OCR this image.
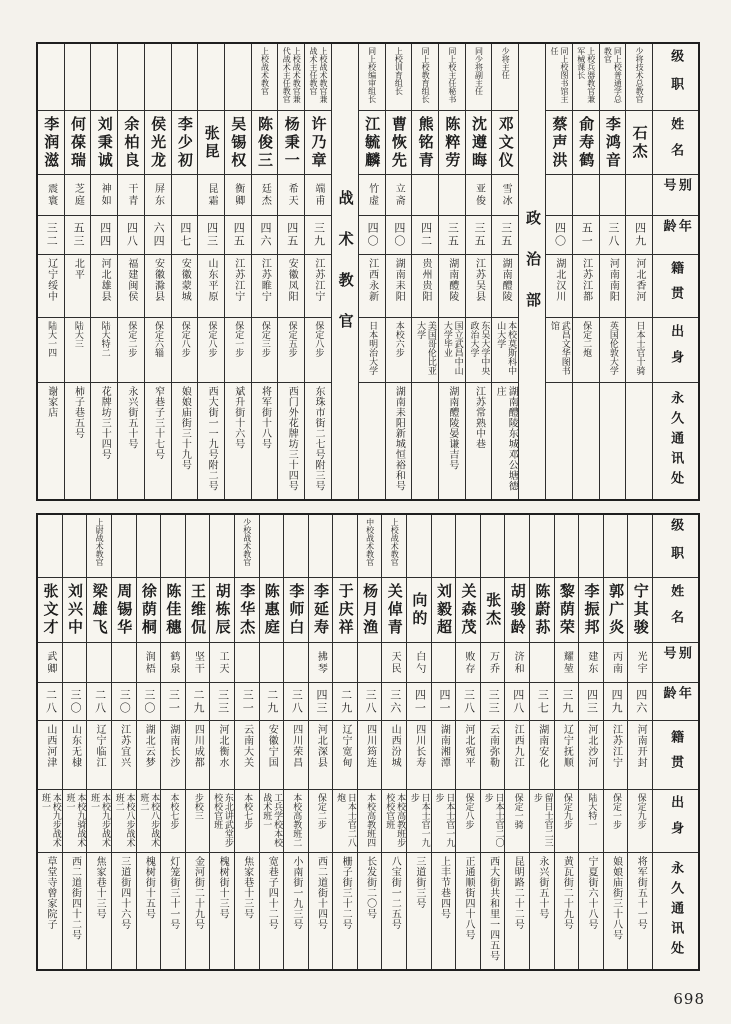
级职
姓名
别号
年龄
籍贯
出身
永久通讯处
少将技术总教官
石杰
四九
河北香河
日本士官十骑
同上校普通学总教官
李鸿音
三八
河南南阳
英国伦敦大学
上校兵器教官兼军械课长
俞寿鹤
五一
江苏江都
保定二炮
同上校图书馆主任
蔡声洪
四〇
湖北汉川
武昌文华图书馆
政治部
少将主任
邓文仪
雪冰
三五
湖南醴陵
本校莫斯科中山大学
湖南醴陵东城邓公塘德庄
同少将副主任
沈遵晦
亚俊
三五
江苏吴县
东吴大学中央政治大学
江苏常熟中巷
同上校主任秘书
陈粹劳
三五
湖南醴陵
国立武昌中山大学毕业
湖南醴陵晏谦吉号
同上校教育组长
熊铭青
四二
贵州贵阳
美国哥伦比亚大学
上校训育组长
曹恢先
立斋
四〇
湖南耒阳
本校六步
湖南耒阳新城恒裕和号
同上校编审组长
江毓麟
竹虚
四〇
江西永新
日本明治大学
战术教官
上校战术教官兼战术主任教官
许乃章
端甫
三九
江苏江宁
保定八步
东珠市街二七号附三号
上校战术教官兼代战术主任教官
杨秉一
希天
四五
安徽凤阳
保定五步
西门外花牌坊三十四号
上校战术教官
陈俊三
廷杰
四六
江苏睢宁
保定三步
将军街十八号
吴锡权
衡卿
四五
江苏江宁
保定一步
斌升街十六号
张昆
昆霜
四三
山东平原
保定八步
西大街一一九号附二号
李少初
四七
安徽蒙城
保定八步
娘娘庙街三十九号
侯光龙
屏东
六四
安徽滁县
保定六辎
窄巷子三十七号
余柏良
干青
四八
福建闽侯
保定二步
永兴街五十号
刘秉诚
神如
四四
河北雄县
陆大特二
花牌坊三十四号
何葆瑞
芝庭
五三
北平
陆大三
柿子巷五号
李润滋
震寰
三二
辽宁绥中
陆大一四
谢家店
级职
姓名
别号
年龄
籍贯
出身
永久通讯处
宁其骏
光宇
四六
河南开封
保定九步
将军街五十一号
郭广炎
丙南
四九
江苏江宁
保定一步
娘娘庙街三十八号
李振邦
建东
四三
河北沙河
陆大特一
宁夏街六十八号
黎荫荣
耀堃
三九
辽宁抚顺
保定九步
黄瓦街二十九号
陈蔚荪
三七
湖南安化
留日士官二三步
永兴街五十号
胡骏龄
济和
四八
江西九江
保定一骑
昆明路二十二号
张杰
万乔
三三
云南弥勒
日本士官二〇步
西大街共和里一四五号
关森茂
败存
三八
河北宛平
保定八步
正通顺街四十八号
刘毅超
四一
湖南湘潭
日本士官一九步
上丰节巷四号
向的
白勺
四一
四川长寿
日本士官一九步
三道街三号
上校战术教官
关倬青
天民
三六
山西汾城
本校高教班步校校官班
八宝街一二五号
中校战术教官
杨月渔
三八
四川筠连
本校高教班四
长发街二〇号
于庆祥
二九
辽宁宽甸
日本士官二八炮
栅子街三十二号
李延寿
拂琴
四三
河北深县
保定二步
西二道街十四号
李师白
三八
四川荣昌
本校高教班二
小南街一九三号
陈惠庭
二九
安徽宁国
工兵学校本校战术班一
宽巷子四十二号
少校战术教官
李华杰
三一
云南大关
本校七步
焦家巷十三号
胡栋辰
工天
三三
河北衡水
东北讲武堂步校校官班
槐树街十三号
王维侃
坚干
二九
四川成都
步校三
金河街二十九号
陈佳穗
鹤泉
三一
湖南长沙
本校七步
灯笼街三十一号
徐荫桐
润梧
三〇
湖北云梦
本校八步战术班二
槐树街十五号
周锡华
三〇
江苏宜兴
本校八步战术班二
三道街四十六号
上尉战术教官
梁雄飞
二八
辽宁临江
本校九步战术班一
焦家巷十三号
刘兴中
三〇
山东无棣
本校九骑战术班一
西二道街四十二号
张文才
武卿
二八
山西河津
本校九步战术班一
草堂寺曾家院子
698
